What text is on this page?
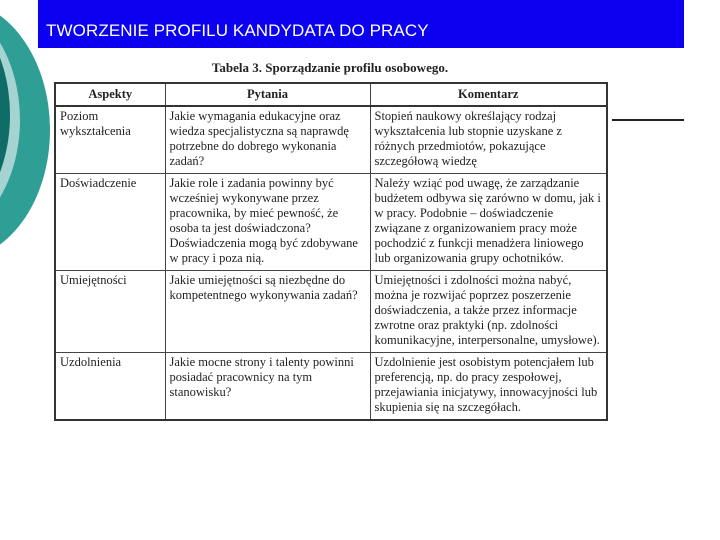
TWORZENIE PROFILU KANDYDATA DO PRACY
Tabela 3. Sporządzanie profilu osobowego.
Aspekty	Pytania	Komentarz
Poziom wykształcenia	Jakie wymagania edukacyjne oraz wiedza specjalistyczna są naprawdę potrzebne do dobrego wykonania zadań?	Stopień naukowy określający rodzaj wykształcenia lub stopnie uzyskane z różnych przedmiotów, pokazujące szczegółową wiedzę
Doświadczenie	Jakie role i zadania powinny być wcześniej wykonywane przez pracownika, by mieć pewność, że osoba ta jest doświadczona? Doświadczenia mogą być zdobywane w pracy i poza nią.	Należy wziąć pod uwagę, że zarządzanie budżetem odbywa się zarówno w domu, jak i w pracy. Podobnie – doświadczenie związane z organizowaniem pracy może pochodzić z funkcji menadżera liniowego lub organizowania grupy ochotników.
Umiejętności	Jakie umiejętności są niezbędne do kompetentnego wykonywania zadań?	Umiejętności i zdolności można nabyć, można je rozwijać poprzez poszerzenie doświadczenia, a także przez informacje zwrotne oraz praktyki (np. zdolności komunikacyjne, interpersonalne, umysłowe).
Uzdolnienia	Jakie mocne strony i talenty powinni posiadać pracownicy na tym stanowisku?	Uzdolnienie jest osobistym potencjałem lub preferencją, np. do pracy zespołowej, przejawiania inicjatywy, innowacyjności lub skupienia się na szczegółach.
